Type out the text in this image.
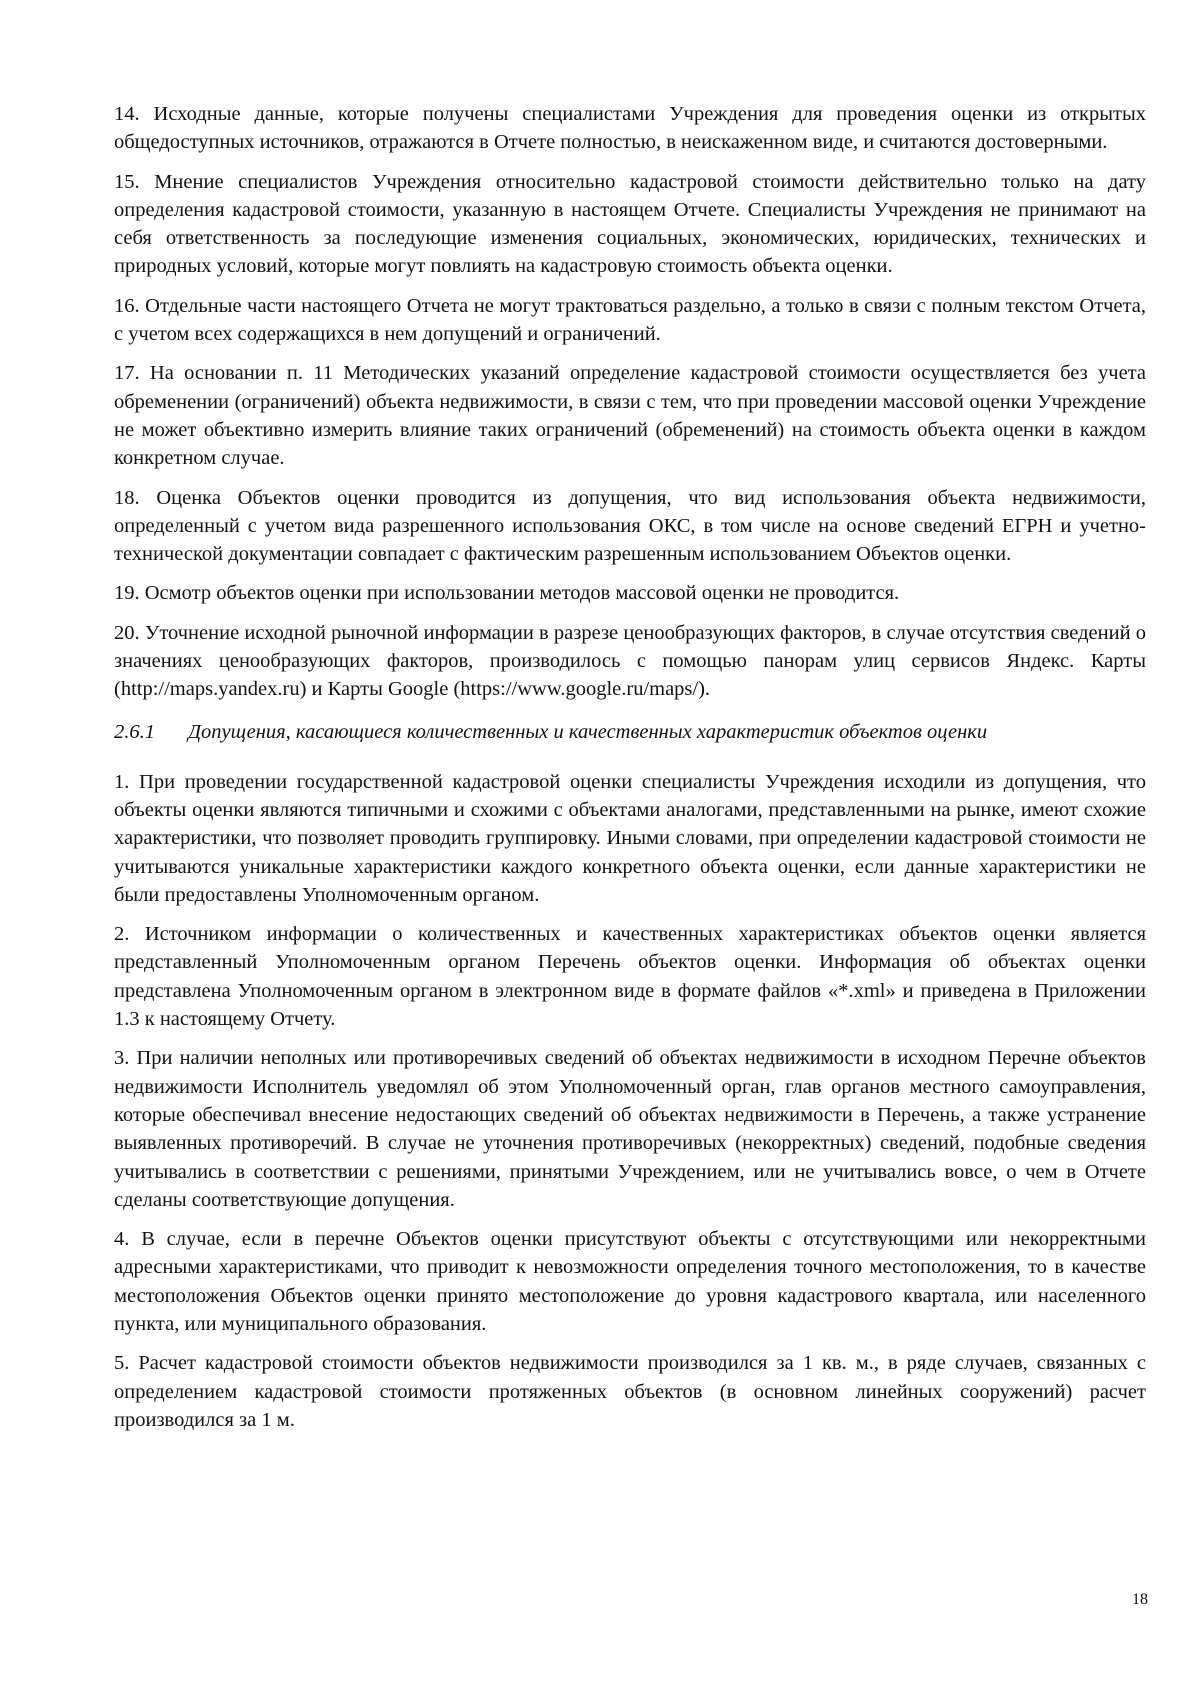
14. Исходные данные, которые получены специалистами Учреждения для проведения оценки из открытых общедоступных источников, отражаются в Отчете полностью, в неискаженном виде, и считаются достоверными.

15. Мнение специалистов Учреждения относительно кадастровой стоимости действительно только на дату определения кадастровой стоимости, указанную в настоящем Отчете. Специалисты Учреждения не принимают на себя ответственность за последующие изменения социальных, экономических, юридических, технических и природных условий, которые могут повлиять на кадастровую стоимость объекта оценки.

16. Отдельные части настоящего Отчета не могут трактоваться раздельно, а только в связи с полным текстом Отчета, с учетом всех содержащихся в нем допущений и ограничений.

17. На основании п. 11 Методических указаний определение кадастровой стоимости осуществляется без учета обременении (ограничений) объекта недвижимости, в связи с тем, что при проведении массовой оценки Учреждение не может объективно измерить влияние таких ограничений (обременений) на стоимость объекта оценки в каждом конкретном случае.

18. Оценка Объектов оценки проводится из допущения, что вид использования объекта недвижимости, определенный с учетом вида разрешенного использования ОКС, в том числе на основе сведений ЕГРН и учетно-технической документации совпадает с фактическим разрешенным использованием Объектов оценки.

19. Осмотр объектов оценки при использовании методов массовой оценки не проводится.

20. Уточнение исходной рыночной информации в разрезе ценообразующих факторов, в случае отсутствия сведений о значениях ценообразующих факторов, производилось с помощью панорам улиц сервисов Яндекс. Карты (http://maps.yandex.ru) и Карты Google (https://www.google.ru/maps/).

2.6.1 Допущения, касающиеся количественных и качественных характеристик объектов оценки

1. При проведении государственной кадастровой оценки специалисты Учреждения исходили из допущения, что объекты оценки являются типичными и схожими с объектами аналогами, представленными на рынке, имеют схожие характеристики, что позволяет проводить группировку. Иными словами, при определении кадастровой стоимости не учитываются уникальные характеристики каждого конкретного объекта оценки, если данные характеристики не были предоставлены Уполномоченным органом.

2. Источником информации о количественных и качественных характеристиках объектов оценки является представленный Уполномоченным органом Перечень объектов оценки. Информация об объектах оценки представлена Уполномоченным органом в электронном виде в формате файлов «*.xml» и приведена в Приложении 1.3 к настоящему Отчету.

3. При наличии неполных или противоречивых сведений об объектах недвижимости в исходном Перечне объектов недвижимости Исполнитель уведомлял об этом Уполномоченный орган, глав органов местного самоуправления, которые обеспечивал внесение недостающих сведений об объектах недвижимости в Перечень, а также устранение выявленных противоречий. В случае не уточнения противоречивых (некорректных) сведений, подобные сведения учитывались в соответствии с решениями, принятыми Учреждением, или не учитывались вовсе, о чем в Отчете сделаны соответствующие допущения.

4. В случае, если в перечне Объектов оценки присутствуют объекты с отсутствующими или некорректными адресными характеристиками, что приводит к невозможности определения точного местоположения, то в качестве местоположения Объектов оценки принято местоположение до уровня кадастрового квартала, или населенного пункта, или муниципального образования.

5. Расчет кадастровой стоимости объектов недвижимости производился за 1 кв. м., в ряде случаев, связанных с определением кадастровой стоимости протяженных объектов (в основном линейных сооружений) расчет производился за 1 м.

18
